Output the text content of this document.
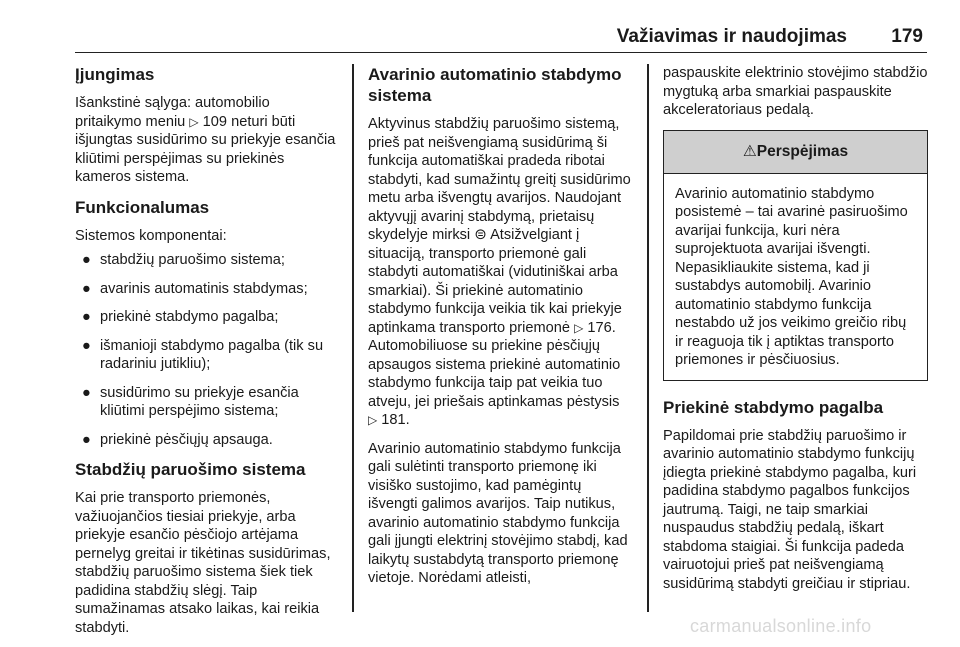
Važiavimas ir naudojimas 179
Įjungimas

Išankstinė sąlyga: automobilio pritaikymo meniu ▷ 109 neturi būti išjungtas susidūrimo su priekyje esančia kliūtimi perspėjimas su priekinės kameros sistema.

Funkcionalumas

Sistemos komponentai:

● stabdžių paruošimo sistema;
● avarinis automatinis stabdymas;
● priekinė stabdymo pagalba;
● išmanioji stabdymo pagalba (tik su radariniu jutikliu);
● susidūrimo su priekyje esančia kliūtimi perspėjimo sistema;
● priekinė pėsčiųjų apsauga.
Stabdžių paruošimo sistema

Kai prie transporto priemonės, važiuojančios tiesiai priekyje, arba priekyje esančio pėsčiojo artėjama pernelyg greitai ir tikėtinas susidūrimas, stabdžių paruošimo sistema šiek tiek padidina stabdžių slėgį. Taip sumažinamas atsako laikas, kai reikia stabdyti.

Avarinio automatinio stabdymo sistema

Aktyvinus stabdžių paruošimo sistemą, prieš pat neišvengiamą susidūrimą ši funkcija automatiškai pradeda ribotai stabdyti, kad sumažintų greitį susidūrimo metu arba išvengtų avarijos. Naudojant aktyvųjį avarinį stabdymą, prietaisų skydelyje mirksi ⊜ Atsižvelgiant į situaciją, transporto priemonė gali stabdyti automatiškai (vidutiniškai arba smarkiai). Ši priekinė automatinio stabdymo funkcija veikia tik kai priekyje aptinkama transporto priemonė ▷ 176. Automobiliuose su priekine pėsčiųjų apsaugos sistema priekinė automatinio stabdymo funkcija taip pat veikia tuo atveju, jei priešais aptinkamas pėstysis ▷ 181.

Avarinio automatinio stabdymo funkcija gali sulėtinti transporto priemonę iki visiško sustojimo, kad pamėgintų išvengti galimos avarijos. Taip nutikus, avarinio automatinio stabdymo funkcija gali įjungti elektrinį stovėjimo stabdį, kad laikytų sustabdytą transporto priemonę vietoje. Norėdami atleisti,

paspauskite elektrinio stovėjimo stabdžio mygtuką arba smarkiai paspauskite akceleratoriaus pedalą.

⚠Perspėjimas

Avarinio automatinio stabdymo posistemė – tai avarinė pasiruošimo avarijai funkcija, kuri nėra suprojektuota avarijai išvengti. Nepasikliaukite sistema, kad ji sustabdys automobilį. Avarinio automatinio stabdymo funkcija nestabdo už jos veikimo greičio ribų ir reaguoja tik į aptiktas transporto priemones ir pėsčiuosius.

Priekinė stabdymo pagalba

Papildomai prie stabdžių paruošimo ir avarinio automatinio stabdymo funkcijų įdiegta priekinė stabdymo pagalba, kuri padidina stabdymo pagalbos funkcijos jautrumą. Taigi, ne taip smarkiai nuspaudus stabdžių pedalą, iškart stabdoma staigiai. Ši funkcija padeda vairuotojui prieš pat neišvengiamą susidūrimą stabdyti greičiau ir stipriau.

carmanualsonline.info
